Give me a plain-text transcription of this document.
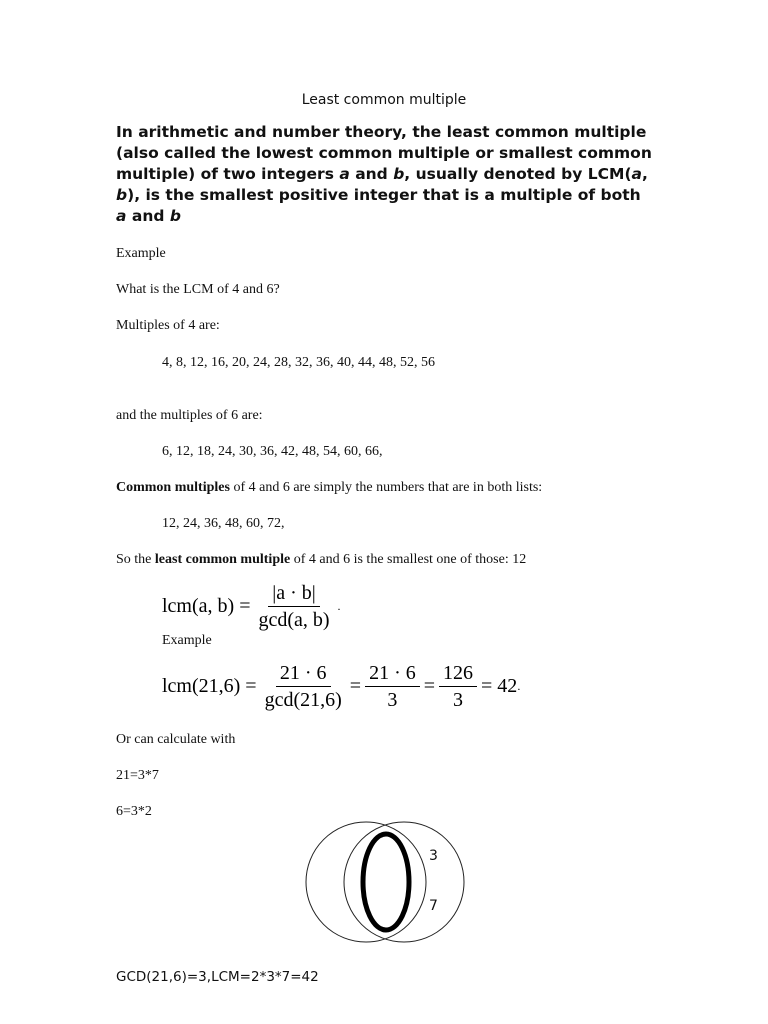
Least common multiple
In arithmetic and number theory, the least common multiple (also called the lowest common multiple or smallest common multiple) of two integers a and b, usually denoted by LCM(a, b), is the smallest positive integer that is a multiple of both a and b
Example
What is the LCM of 4 and 6?
Multiples of 4 are:
4, 8, 12, 16, 20, 24, 28, 32, 36, 40, 44, 48, 52, 56
and the multiples of 6 are:
6, 12, 18, 24, 30, 36, 42, 48, 54, 60, 66,
Common multiples of 4 and 6 are simply the numbers that are in both lists:
12, 24, 36, 48, 60, 72,
So the least common multiple of 4 and 6 is the smallest one of those: 12
lcm(a, $b) = \frac{|a \cdot b|}{\gcd(a, b)}$ .
Example
$lcm(21,6) = \frac{21 \cdot 6}{\gcd(21,6)} = \frac{21 \cdot 6}{3} = \frac{126}{3} = 42$ .
Or can calculate with
21=3*7
6=3*2
3
7
GCD(21,6)=3,LCM=2*3*7=42
